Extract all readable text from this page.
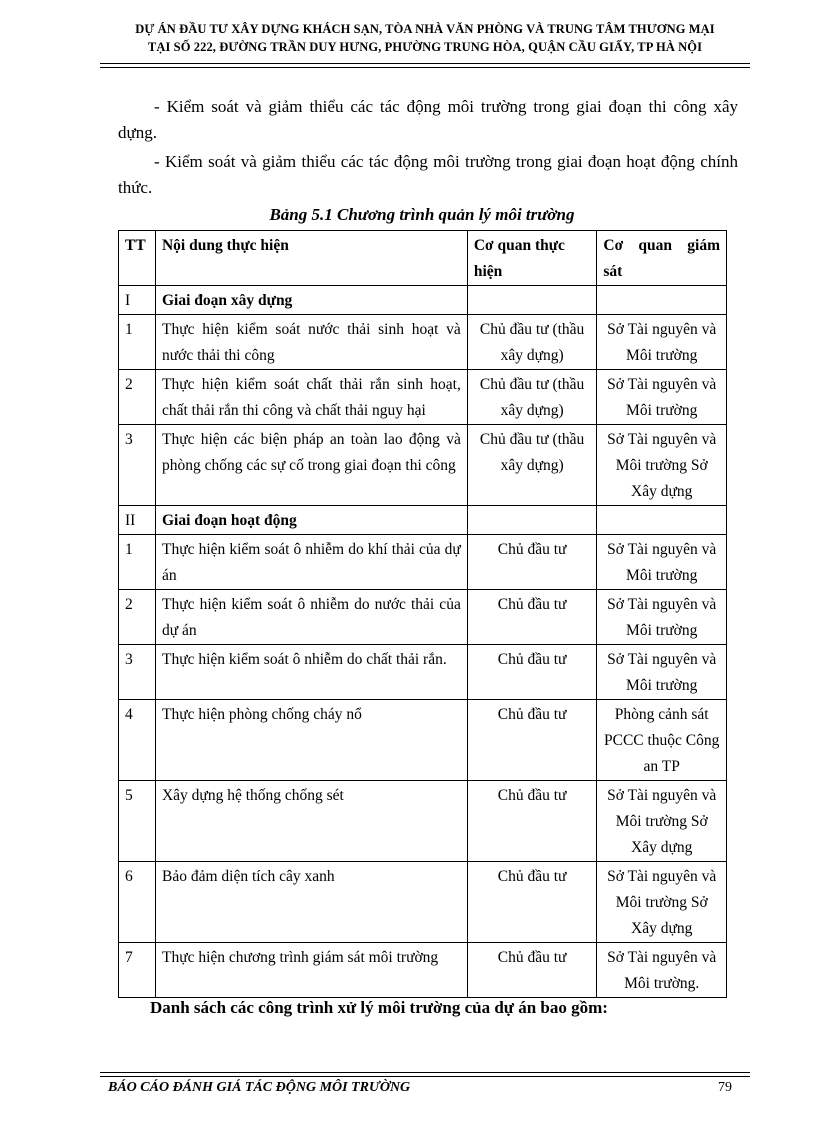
DỰ ÁN ĐẦU TƯ XÂY DỰNG KHÁCH SẠN, TÒA NHÀ VĂN PHÒNG VÀ TRUNG TÂM THƯƠNG MẠI
TẠI SỐ 222, ĐƯỜNG TRẦN DUY HƯNG, PHƯỜNG TRUNG HÒA, QUẬN CẦU GIẤY, TP HÀ NỘI
- Kiểm soát và giảm thiểu các tác động môi trường trong giai đoạn thi công xây dựng.
- Kiểm soát và giảm thiểu các tác động môi trường trong giai đoạn hoạt động chính thức.
Bảng 5.1 Chương trình quản lý môi trường
TT	Nội dung thực hiện	Cơ quan thực hiện	Cơ quan giám sát

I	Giai đoạn xây dựng		
1	Thực hiện kiểm soát nước thải sinh hoạt và nước thải thi công	Chủ đầu tư (thầu xây dựng)	Sở Tài nguyên và Môi trường
2	Thực hiện kiểm soát chất thải rắn sinh hoạt, chất thải rắn thi công và chất thải nguy hại	Chủ đầu tư (thầu xây dựng)	Sở Tài nguyên và Môi trường
3	Thực hiện các biện pháp an toàn lao động và phòng chống các sự cố trong giai đoạn thi công	Chủ đầu tư (thầu xây dựng)	Sở Tài nguyên và Môi trường Sở Xây dựng
II	Giai đoạn hoạt động		
1	Thực hiện kiểm soát ô nhiễm do khí thải của dự án	Chủ đầu tư	Sở Tài nguyên và Môi trường
2	Thực hiện kiểm soát ô nhiễm do nước thải của dự án	Chủ đầu tư	Sở Tài nguyên và Môi trường
3	Thực hiện kiểm soát ô nhiễm do chất thải rắn.	Chủ đầu tư	Sở Tài nguyên và Môi trường
4	Thực hiện phòng chống cháy nổ	Chủ đầu tư	Phòng cảnh sát PCCC thuộc Công an TP
5	Xây dựng hệ thống chống sét	Chủ đầu tư	Sở Tài nguyên và Môi trường Sở Xây dựng
6	Bảo đảm diện tích cây xanh	Chủ đầu tư	Sở Tài nguyên và Môi trường Sở Xây dựng
7	Thực hiện chương trình giám sát môi trường	Chủ đầu tư	Sở Tài nguyên và Môi trường.
Danh sách các công trình xử lý môi trường của dự án bao gồm:
BÁO CÁO ĐÁNH GIÁ TÁC ĐỘNG MÔI TRƯỜNG	79
